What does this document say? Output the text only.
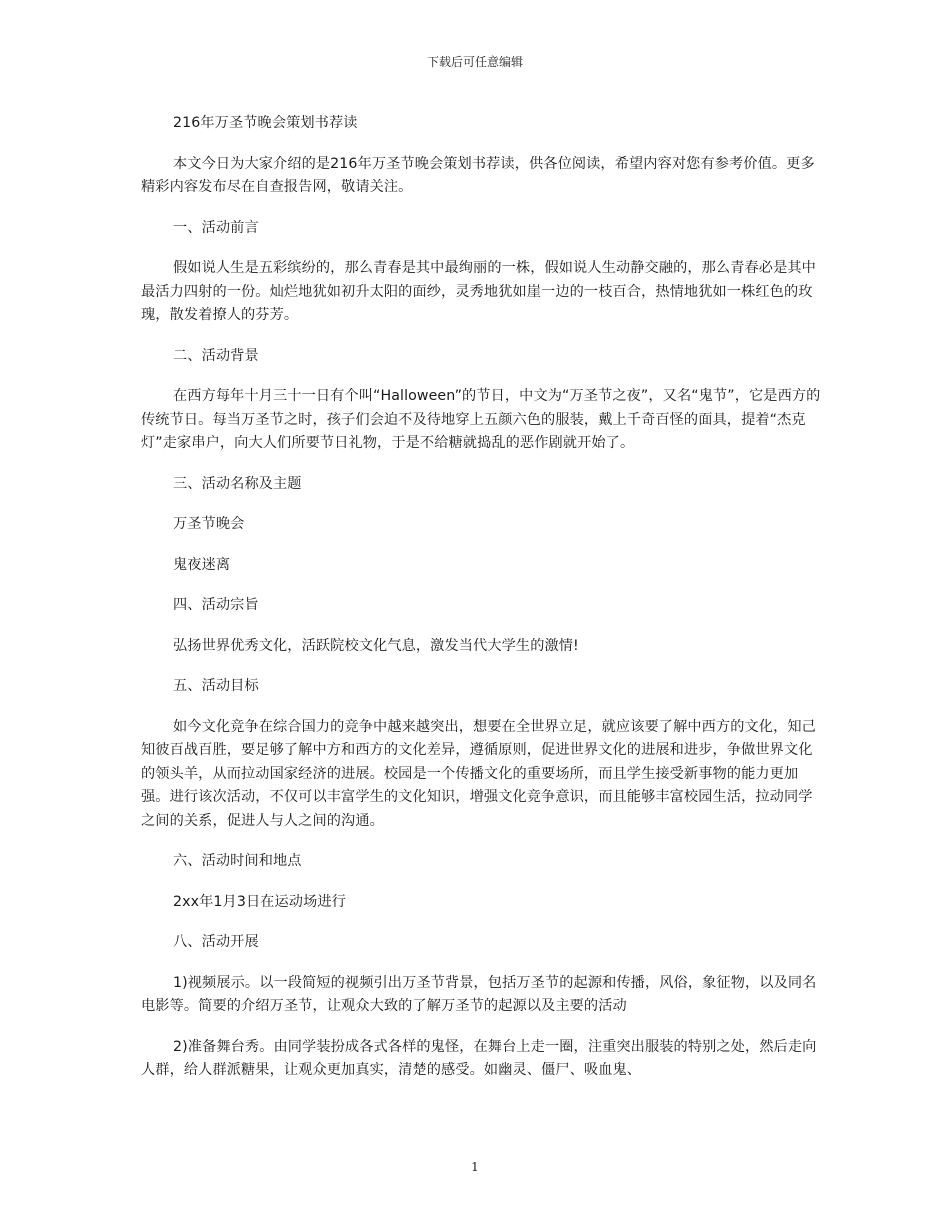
下载后可任意编辑

216年万圣节晚会策划书荐读

本文今日为大家介绍的是216年万圣节晚会策划书荐读，供各位阅读，希望内容对您有参考价值。更多精彩内容发布尽在自查报告网，敬请关注。

一、活动前言

假如说人生是五彩缤纷的，那么青春是其中最绚丽的一株，假如说人生动静交融的，那么青春必是其中最活力四射的一份。灿烂地犹如初升太阳的面纱，灵秀地犹如崖一边的一枝百合，热情地犹如一株红色的玫瑰，散发着撩人的芬芳。

二、活动背景

在西方每年十月三十一日有个叫“Halloween”的节日，中文为“万圣节之夜”，又名“鬼节”，它是西方的传统节日。每当万圣节之时，孩子们会迫不及待地穿上五颜六色的服装，戴上千奇百怪的面具，提着“杰克灯”走家串户，向大人们所要节日礼物，于是不给糖就捣乱的恶作剧就开始了。

三、活动名称及主题

万圣节晚会

鬼夜迷离

四、活动宗旨

弘扬世界优秀文化，活跃院校文化气息，激发当代大学生的激情!

五、活动目标

如今文化竞争在综合国力的竞争中越来越突出，想要在全世界立足，就应该要了解中西方的文化，知己知彼百战百胜，要足够了解中方和西方的文化差异，遵循原则，促进世界文化的进展和进步，争做世界文化的领头羊，从而拉动国家经济的进展。校园是一个传播文化的重要场所，而且学生接受新事物的能力更加强。进行该次活动，不仅可以丰富学生的文化知识，增强文化竞争意识，而且能够丰富校园生活，拉动同学之间的关系，促进人与人之间的沟通。

六、活动时间和地点

2xx年1月3日在运动场进行

八、活动开展

1)视频展示。以一段简短的视频引出万圣节背景，包括万圣节的起源和传播，风俗，象征物，以及同名电影等。简要的介绍万圣节，让观众大致的了解万圣节的起源以及主要的活动

2)准备舞台秀。由同学装扮成各式各样的鬼怪，在舞台上走一圈，注重突出服装的特别之处，然后走向人群，给人群派糖果，让观众更加真实，清楚的感受。如幽灵、僵尸、吸血鬼、

1
